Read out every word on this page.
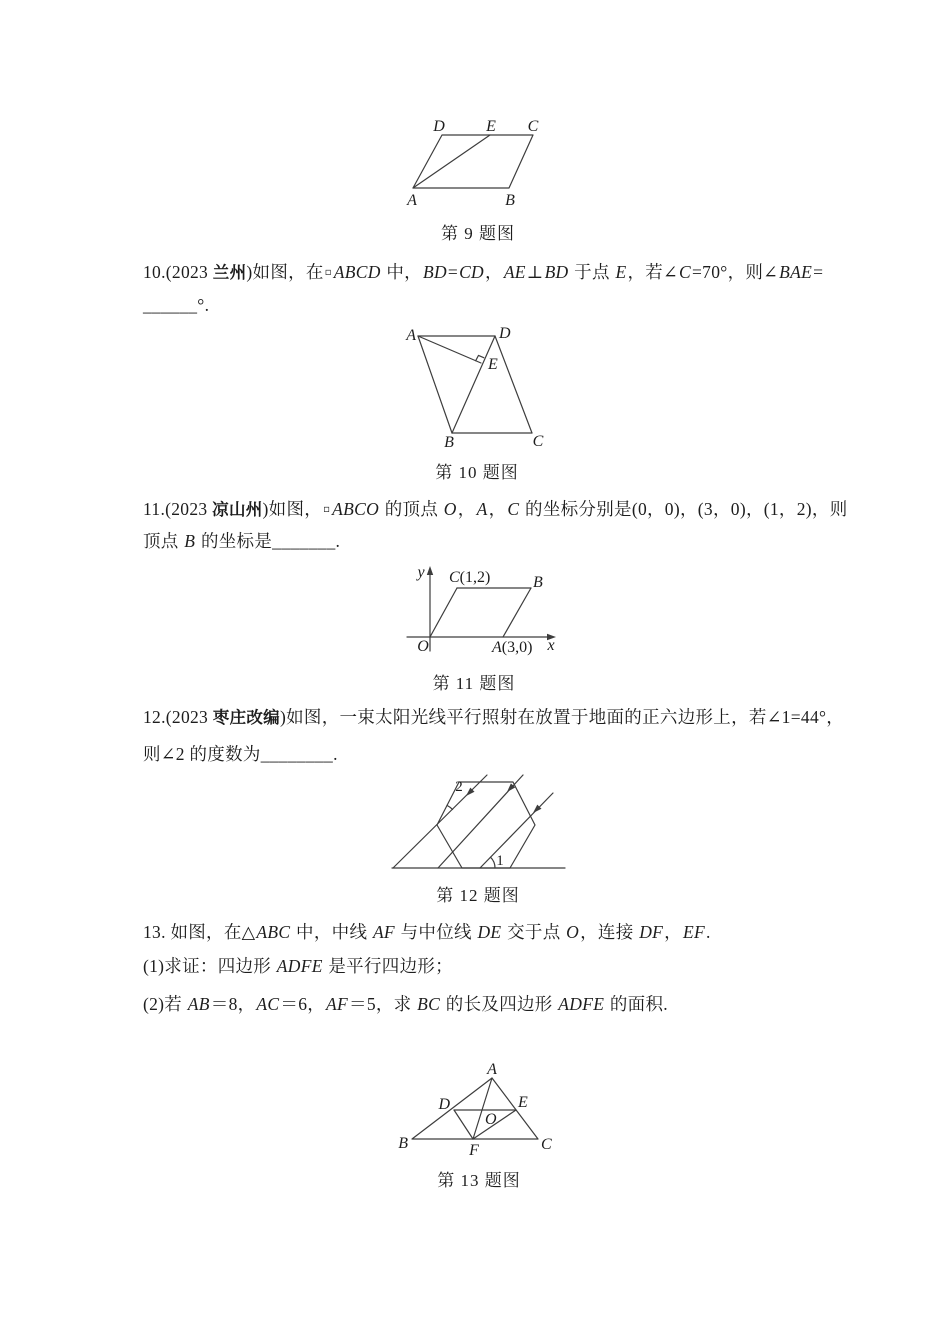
D	E C
A	B
第 9 题图
10.(2023 兰州)如图，在▫ ABCD 中，BD=CD，AE⊥BD 于点 E，若∠C=70°，则∠BAE=
______°.
A	D
E
B	C
第 10 题图
11.(2023 凉山州)如图，▫ ABCO 的顶点 O，A，C 的坐标分别是(0，0)，(3，0)，(1，2)，则
顶点 B 的坐标是_______.
y
x
O
C(1,2)	B
A(3,0)
第 11 题图
12.(2023 枣庄改编)如图，一束太阳光线平行照射在放置于地面的正六边形上，若∠1=44°，
则∠2 的度数为________.
2
1
第 12 题图
13. 如图，在△ABC 中，中线 AF 与中位线 DE 交于点 O，连接 DF，EF.
(1)求证：四边形 ADFE 是平行四边形；
(2)若 AB＝8，AC＝6，AF＝5，求 BC 的长及四边形 ADFE 的面积.
A
D	E
O
B	F	C
第 13 题图
